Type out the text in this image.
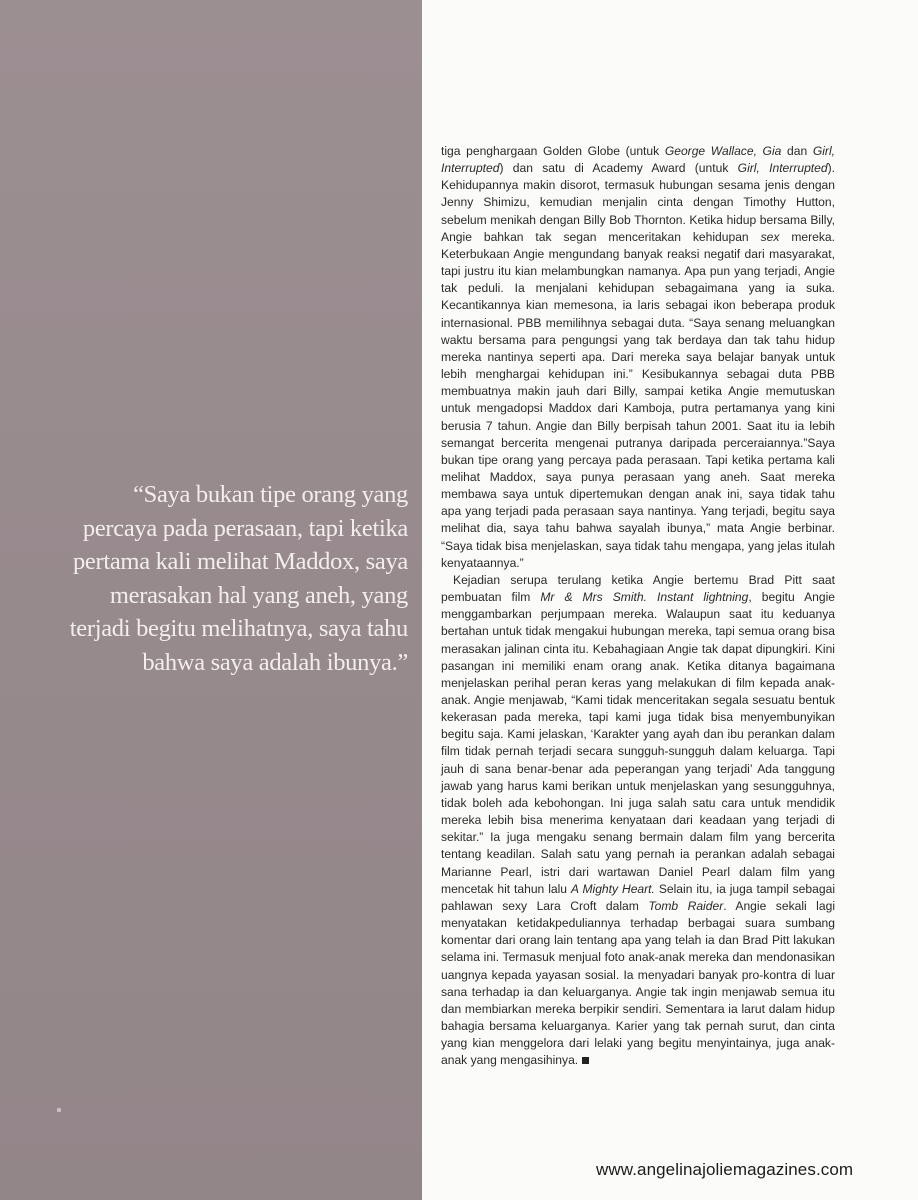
“Saya bukan tipe orang yang percaya pada perasaan, tapi ketika pertama kali melihat Maddox, saya merasakan hal yang aneh, yang terjadi begitu melihatnya, saya tahu bahwa saya adalah ibunya.”

tiga penghargaan Golden Globe (untuk George Wallace, Gia dan Girl, Interrupted) dan satu di Academy Award (untuk Girl, Interrupted). Kehidupannya makin disorot, termasuk hubungan sesama jenis dengan Jenny Shimizu, kemudian menjalin cinta dengan Timothy Hutton, sebelum menikah dengan Billy Bob Thornton. Ketika hidup bersama Billy, Angie bahkan tak segan menceritakan kehidupan sex mereka. Keterbukaan Angie mengundang banyak reaksi negatif dari masyarakat, tapi justru itu kian melambungkan namanya. Apa pun yang terjadi, Angie tak peduli. Ia menjalani kehidupan sebagaimana yang ia suka. Kecantikannya kian memesona, ia laris sebagai ikon beberapa produk internasional. PBB memilihnya sebagai duta. “Saya senang meluangkan waktu bersama para pengungsi yang tak berdaya dan tak tahu hidup mereka nantinya seperti apa. Dari mereka saya belajar banyak untuk lebih menghargai kehidupan ini.” Kesibukannya sebagai duta PBB membuatnya makin jauh dari Billy, sampai ketika Angie memutuskan untuk mengadopsi Maddox dari Kamboja, putra pertamanya yang kini berusia 7 tahun. Angie dan Billy berpisah tahun 2001. Saat itu ia lebih semangat bercerita mengenai putranya daripada perceraiannya.”Saya bukan tipe orang yang percaya pada perasaan. Tapi ketika pertama kali melihat Maddox, saya punya perasaan yang aneh. Saat mereka membawa saya untuk dipertemukan dengan anak ini, saya tidak tahu apa yang terjadi pada perasaan saya nantinya. Yang terjadi, begitu saya melihat dia, saya tahu bahwa sayalah ibunya,” mata Angie berbinar. “Saya tidak bisa menjelaskan, saya tidak tahu mengapa, yang jelas itulah kenyataannya.”

Kejadian serupa terulang ketika Angie bertemu Brad Pitt saat pembuatan film Mr & Mrs Smith. Instant lightning, begitu Angie menggambarkan perjumpaan mereka. Walaupun saat itu keduanya bertahan untuk tidak mengakui hubungan mereka, tapi semua orang bisa merasakan jalinan cinta itu. Kebahagiaan Angie tak dapat dipungkiri. Kini pasangan ini memiliki enam orang anak. Ketika ditanya bagaimana menjelaskan perihal peran keras yang melakukan di film kepada anak-anak. Angie menjawab, “Kami tidak menceritakan segala sesuatu bentuk kekerasan pada mereka, tapi kami juga tidak bisa menyembunyikan begitu saja. Kami jelaskan, ‘Karakter yang ayah dan ibu perankan dalam film tidak pernah terjadi secara sungguh-sungguh dalam keluarga. Tapi jauh di sana benar-benar ada peperangan yang terjadi’ Ada tanggung jawab yang harus kami berikan untuk menjelaskan yang sesungguhnya, tidak boleh ada kebohongan. Ini juga salah satu cara untuk mendidik mereka lebih bisa menerima kenyataan dari keadaan yang terjadi di sekitar.” Ia juga mengaku senang bermain dalam film yang bercerita tentang keadilan. Salah satu yang pernah ia perankan adalah sebagai Marianne Pearl, istri dari wartawan Daniel Pearl dalam film yang mencetak hit tahun lalu A Mighty Heart. Selain itu, ia juga tampil sebagai pahlawan sexy Lara Croft dalam Tomb Raider. Angie sekali lagi menyatakan ketidakpeduliannya terhadap berbagai suara sumbang komentar dari orang lain tentang apa yang telah ia dan Brad Pitt lakukan selama ini. Termasuk menjual foto anak-anak mereka dan mendonasikan uangnya kepada yayasan sosial. Ia menyadari banyak pro-kontra di luar sana terhadap ia dan keluarganya. Angie tak ingin menjawab semua itu dan membiarkan mereka berpikir sendiri. Sementara ia larut dalam hidup bahagia bersama keluarganya. Karier yang tak pernah surut, dan cinta yang kian menggelora dari lelaki yang begitu menyintainya, juga anak-anak yang mengasihinya.

www.angelinajoliemagazines.com
